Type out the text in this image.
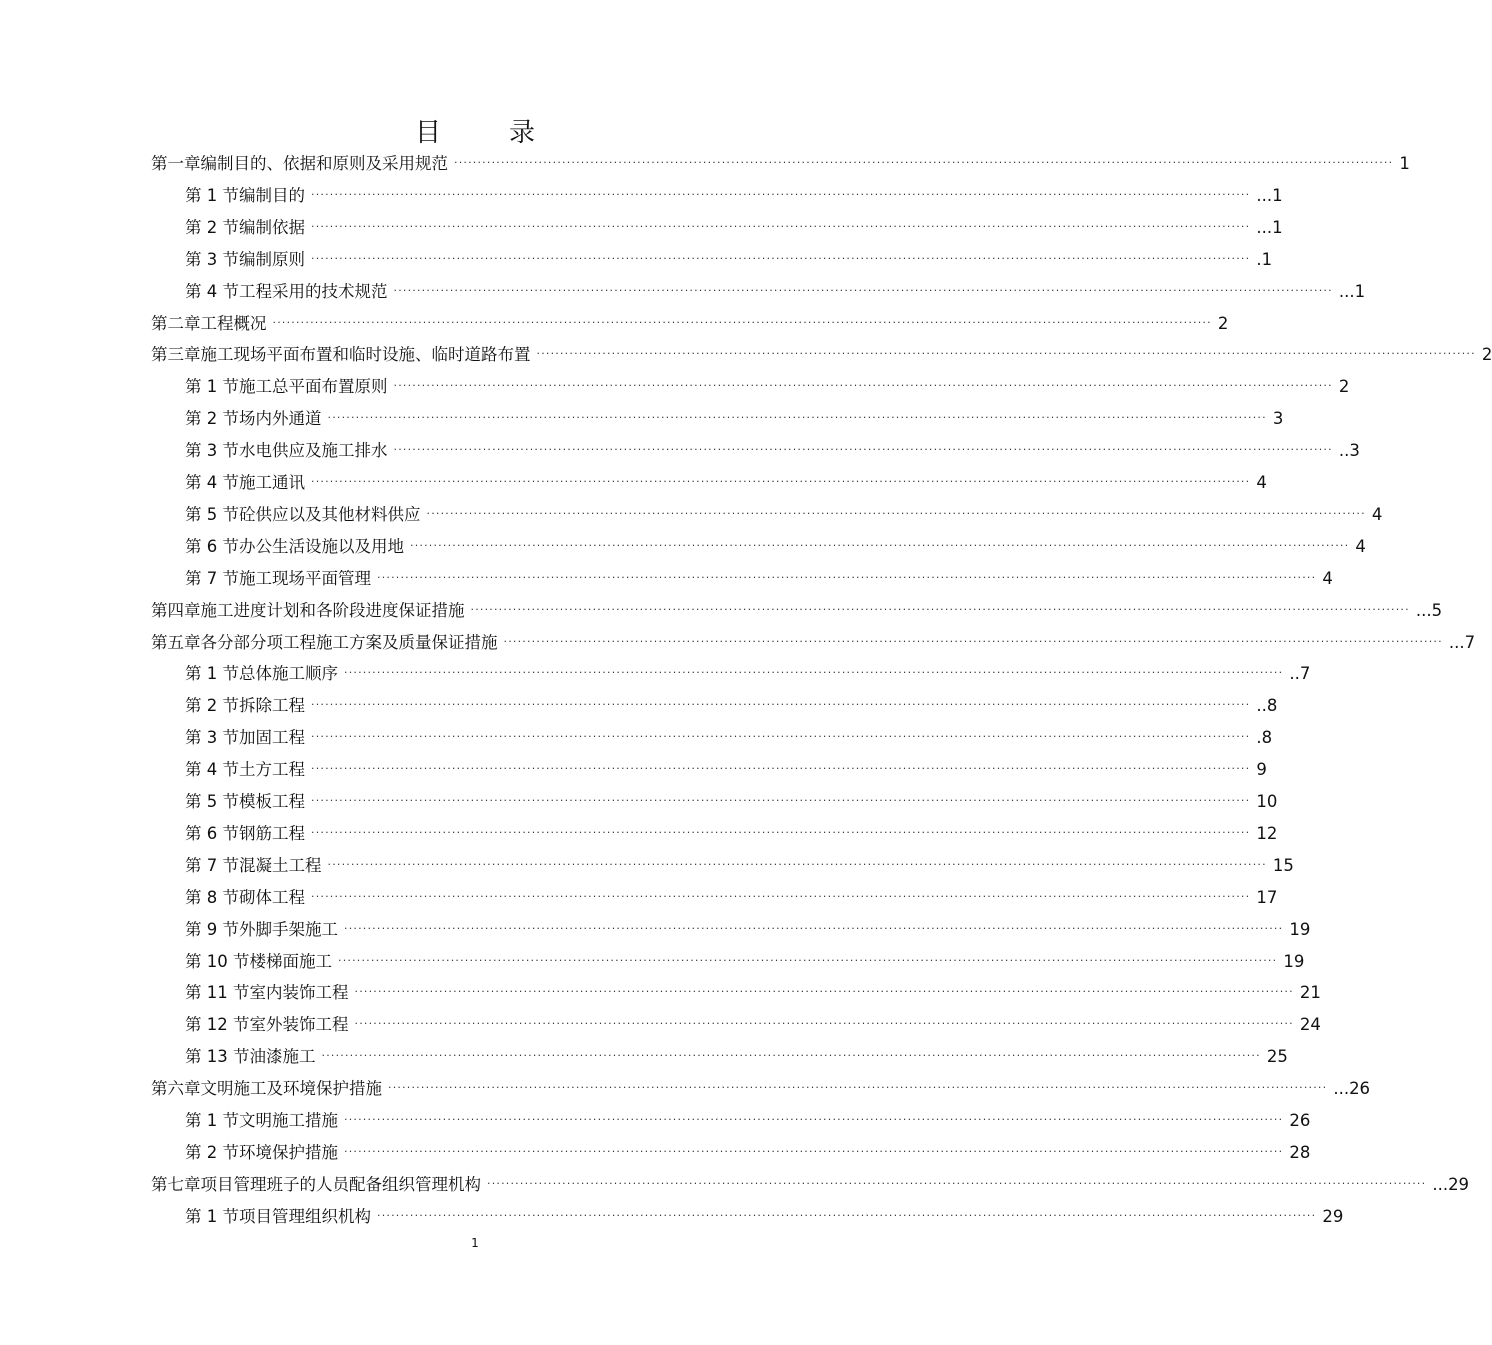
目	录
第一章 编制目的、依据和原则及采用规范 ········································································································································································································ 1
第 1 节 编制目的 ········································································································································································································ ...1
第 2 节 编制依据 ········································································································································································································ ...1
第 3 节 编制原则 ········································································································································································································ .1
第 4 节 工程采用的技术规范 ········································································································································································································ ...1
第二章 工程概况 ········································································································································································································ 2
第三章 施工现场平面布置和临时设施、临时道路布置 ········································································································································································································ 2
第 1 节 施工总平面布置原则 ········································································································································································································ 2
第 2 节 场内外通道 ········································································································································································································ 3
第 3 节 水电供应及施工排水 ········································································································································································································ ..3
第 4 节 施工通讯 ········································································································································································································ 4
第 5 节 砼供应以及其他材料供应 ········································································································································································································ 4
第 6 节 办公生活设施以及用地 ········································································································································································································ 4
第 7 节 施工现场平面管理 ········································································································································································································ 4
第四章 施工进度计划和各阶段进度保证措施 ········································································································································································································ ...5
第五章 各分部分项工程施工方案及质量保证措施 ········································································································································································································ ...7
第 1 节 总体施工顺序 ········································································································································································································ ..7
第 2 节 拆除工程 ········································································································································································································ ..8
第 3 节 加固工程 ········································································································································································································ .8
第 4 节 土方工程 ········································································································································································································ 9
第 5 节 模板工程 ········································································································································································································ 10
第 6 节 钢筋工程 ········································································································································································································ 12
第 7 节 混凝土工程 ········································································································································································································ 15
第 8 节 砌体工程 ········································································································································································································ 17
第 9 节 外脚手架施工 ········································································································································································································ 19
第 10 节 楼梯面施工 ········································································································································································································ 19
第 11 节 室内装饰工程 ········································································································································································································ 21
第 12 节 室外装饰工程 ········································································································································································································ 24
第 13 节 油漆施工 ········································································································································································································ 25
第六章 文明施工及环境保护措施 ········································································································································································································ ...26
第 1 节 文明施工措施 ········································································································································································································ 26
第 2 节 环境保护措施 ········································································································································································································ 28
第七章 项目管理班子的人员配备组织管理机构 ········································································································································································································ ...29
第 1 节 项目管理组织机构 ········································································································································································································ 29
1
